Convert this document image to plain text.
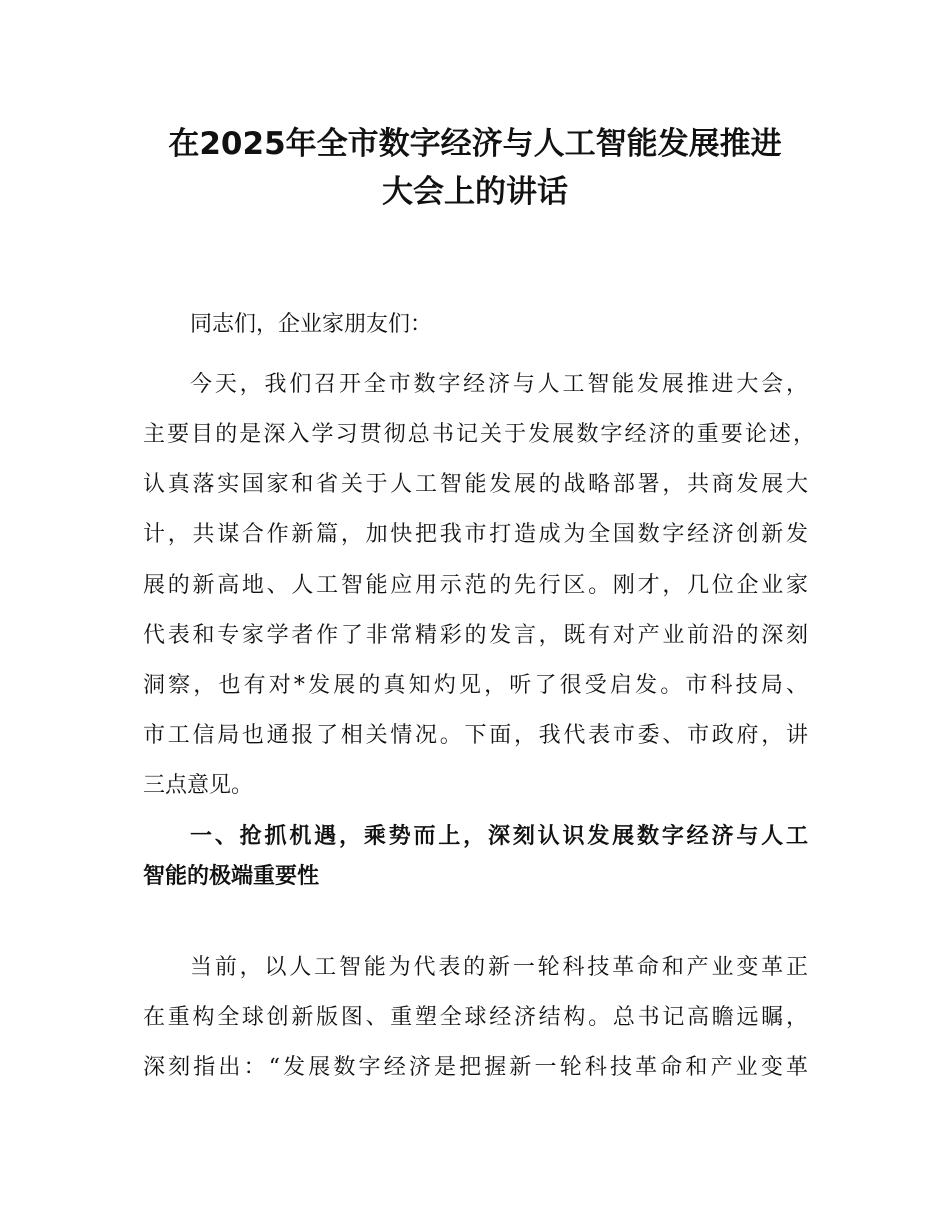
在2025年全市数字经济与人工智能发展推进
大会上的讲话
同志们，企业家朋友们：
今天，我们召开全市数字经济与人工智能发展推进大会，
主要目的是深入学习贯彻总书记关于发展数字经济的重要论述，
认真落实国家和省关于人工智能发展的战略部署，共商发展大
计，共谋合作新篇，加快把我市打造成为全国数字经济创新发
展的新高地、人工智能应用示范的先行区。刚才，几位企业家
代表和专家学者作了非常精彩的发言，既有对产业前沿的深刻
洞察，也有对*发展的真知灼见，听了很受启发。市科技局、
市工信局也通报了相关情况。下面，我代表市委、市政府，讲
三点意见。
一、抢抓机遇，乘势而上，深刻认识发展数字经济与人工
智能的极端重要性
当前，以人工智能为代表的新一轮科技革命和产业变革正
在重构全球创新版图、重塑全球经济结构。总书记高瞻远瞩，
深刻指出：“发展数字经济是把握新一轮科技革命和产业变革
